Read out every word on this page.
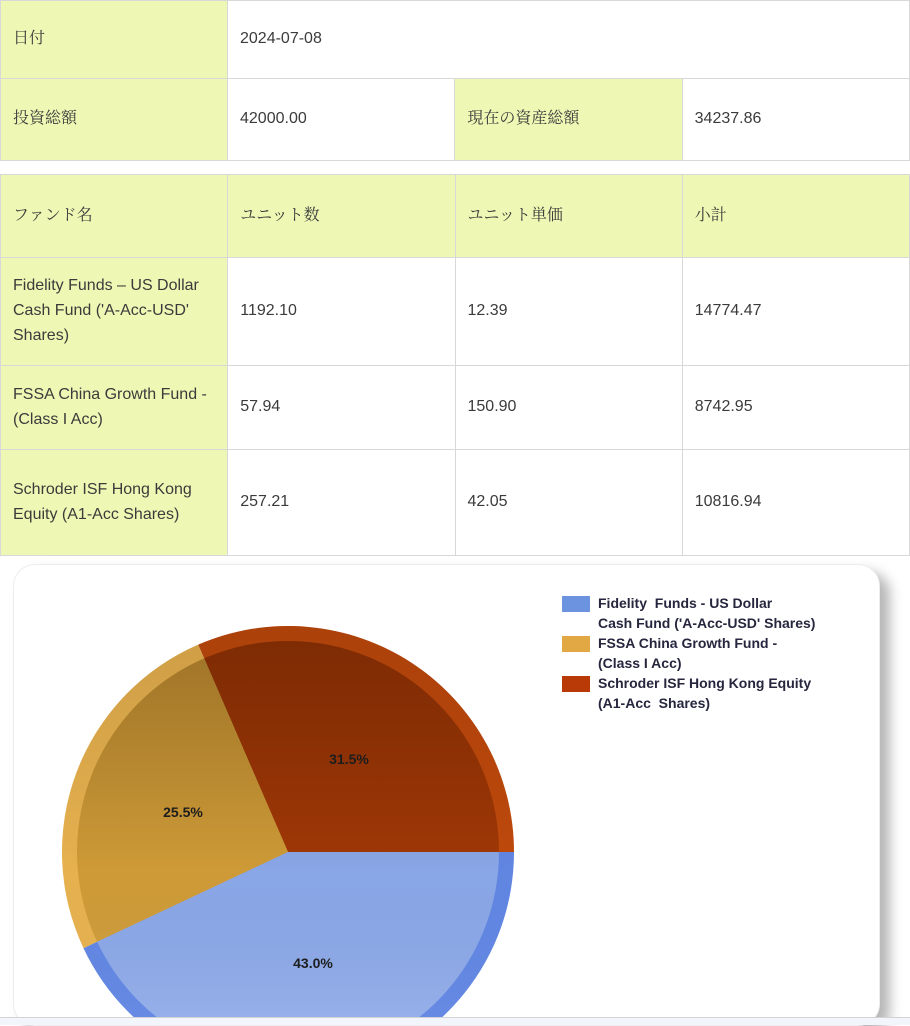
日付	2024-07-08		
投資総額	42000.00	現在の資産総額	34237.86
ファンド名	ユニット数	ユニット単価	小計
Fidelity Funds – US Dollar Cash Fund ('A-Acc-USD' Shares)	1192.10	12.39	14774.47
FSSA China Growth Fund - (Class I Acc)	57.94	150.90	8742.95
Schroder ISF Hong Kong Equity (A1-Acc Shares)	257.21	42.05	10816.94
31.5%
25.5%
43.0%
Fidelity  Funds - US Dollar
Cash Fund ('A-Acc-USD' Shares)
FSSA China Growth Fund -
(Class I Acc)
Schroder ISF Hong Kong Equity
(A1-Acc  Shares)
